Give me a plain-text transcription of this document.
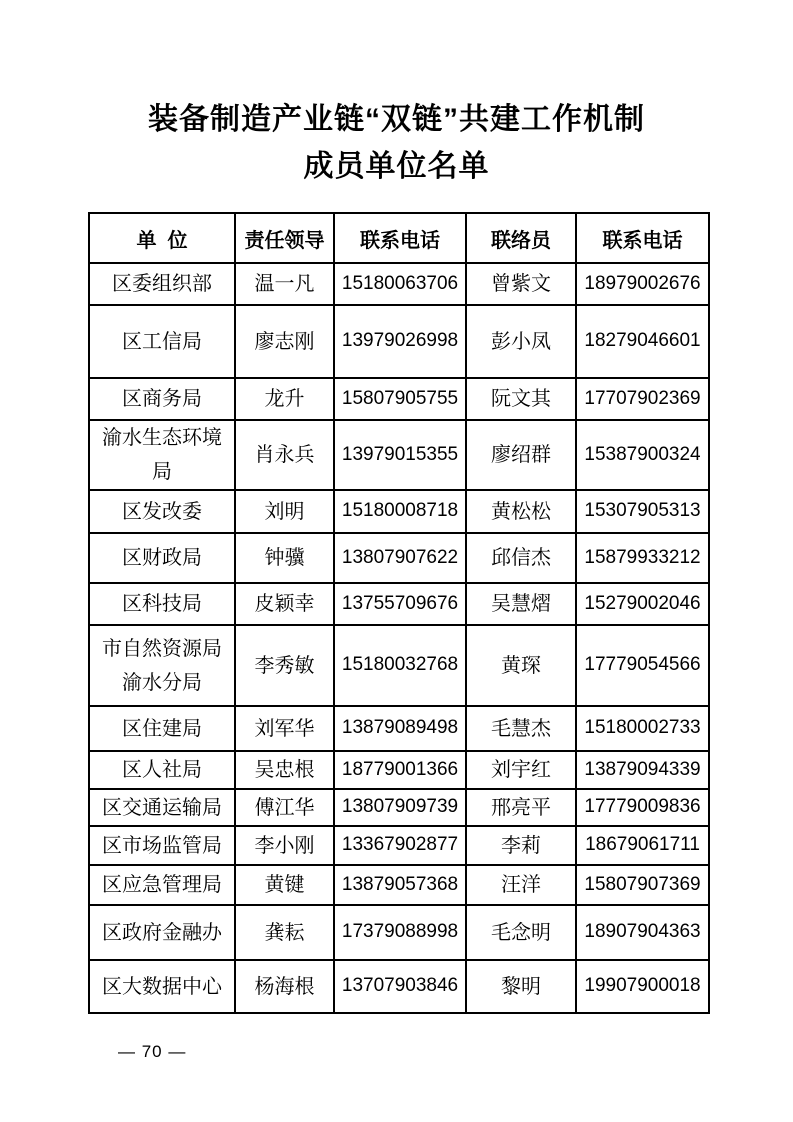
装备制造产业链“双链”共建工作机制
成员单位名单
单  位	责任领导	联系电话	联络员	联系电话
区委组织部	温一凡	15180063706	曾紫文	18979002676
区工信局	廖志刚	13979026998	彭小凤	18279046601
区商务局	龙升	15807905755	阮文其	17707902369
渝水生态环境局	肖永兵	13979015355	廖绍群	15387900324
区发改委	刘明	15180008718	黄松松	15307905313
区财政局	钟骥	13807907622	邱信杰	15879933212
区科技局	皮颖幸	13755709676	吴慧熠	15279002046
市自然资源局渝水分局	李秀敏	15180032768	黄琛	17779054566
区住建局	刘军华	13879089498	毛慧杰	15180002733
区人社局	吴忠根	18779001366	刘宇红	13879094339
区交通运输局	傅江华	13807909739	邢亮平	17779009836
区市场监管局	李小刚	13367902877	李莉	18679061711
区应急管理局	黄键	13879057368	汪洋	15807907369
区政府金融办	龚耘	17379088998	毛念明	18907904363
区大数据中心	杨海根	13707903846	黎明	19907900018
— 70 —
